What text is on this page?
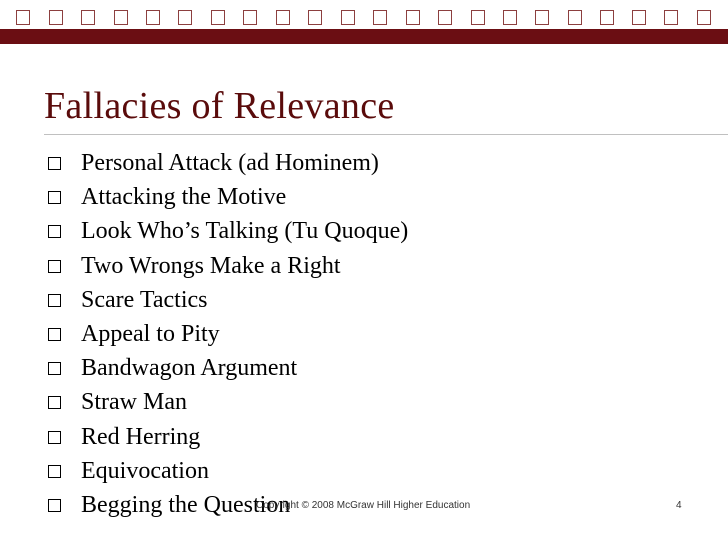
Fallacies of Relevance
Personal Attack (ad Hominem)
Attacking the Motive
Look Who’s Talking (Tu Quoque)
Two Wrongs Make a Right
Scare Tactics
Appeal to Pity
Bandwagon Argument
Straw Man
Red Herring
Equivocation
Begging the Question
Copyright © 2008 McGraw Hill Higher Education	4
